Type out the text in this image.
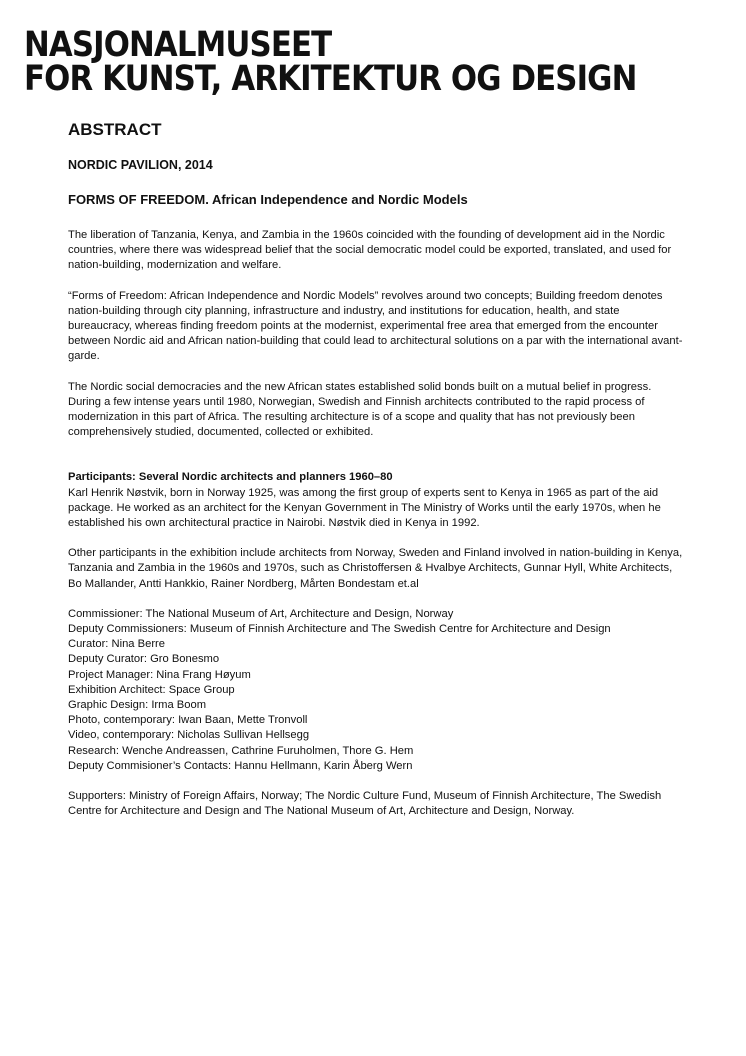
NASJONALMUSEET
FOR KUNST, ARKITEKTUR OG DESIGN
ABSTRACT
NORDIC PAVILION, 2014
FORMS OF FREEDOM. African Independence and Nordic Models

The liberation of Tanzania, Kenya, and Zambia in the 1960s coincided with the founding of development aid in the Nordic countries, where there was widespread belief that the social democratic model could be exported, translated, and used for nation-building, modernization and welfare.

“Forms of Freedom: African Independence and Nordic Models” revolves around two concepts; Building freedom denotes nation-building through city planning, infrastructure and industry, and institutions for education, health, and state bureaucracy, whereas finding freedom points at the modernist, experimental free area that emerged from the encounter between Nordic aid and African nation-building that could lead to architectural solutions on a par with the international avant-garde.

The Nordic social democracies and the new African states established solid bonds built on a mutual belief in progress. During a few intense years until 1980, Norwegian, Swedish and Finnish architects contributed to the rapid process of modernization in this part of Africa. The resulting architecture is of a scope and quality that has not previously been comprehensively studied, documented, collected or exhibited.

Participants: Several Nordic architects and planners 1960–80

Karl Henrik Nøstvik, born in Norway 1925, was among the first group of experts sent to Kenya in 1965 as part of the aid package. He worked as an architect for the Kenyan Government in The Ministry of Works until the early 1970s, when he established his own architectural practice in Nairobi. Nøstvik died in Kenya in 1992.

Other participants in the exhibition include architects from Norway, Sweden and Finland involved in nation-building in Kenya, Tanzania and Zambia in the 1960s and 1970s, such as Christoffersen & Hvalbye Architects, Gunnar Hyll, White Architects, Bo Mallander, Antti Hankkio, Rainer Nordberg, Mårten Bondestam et.al

Commissioner: The National Museum of Art, Architecture and Design, Norway
Deputy Commissioners: Museum of Finnish Architecture and The Swedish Centre for Architecture and Design
Curator: Nina Berre
Deputy Curator: Gro Bonesmo
Project Manager: Nina Frang Høyum
Exhibition Architect: Space Group
Graphic Design: Irma Boom
Photo, contemporary: Iwan Baan, Mette Tronvoll
Video, contemporary: Nicholas Sullivan Hellsegg
Research: Wenche Andreassen, Cathrine Furuholmen, Thore G. Hem
Deputy Commisioner’s Contacts: Hannu Hellmann, Karin Åberg Wern

Supporters: Ministry of Foreign Affairs, Norway; The Nordic Culture Fund, Museum of Finnish Architecture, The Swedish Centre for Architecture and Design and The National Museum of Art, Architecture and Design, Norway.
